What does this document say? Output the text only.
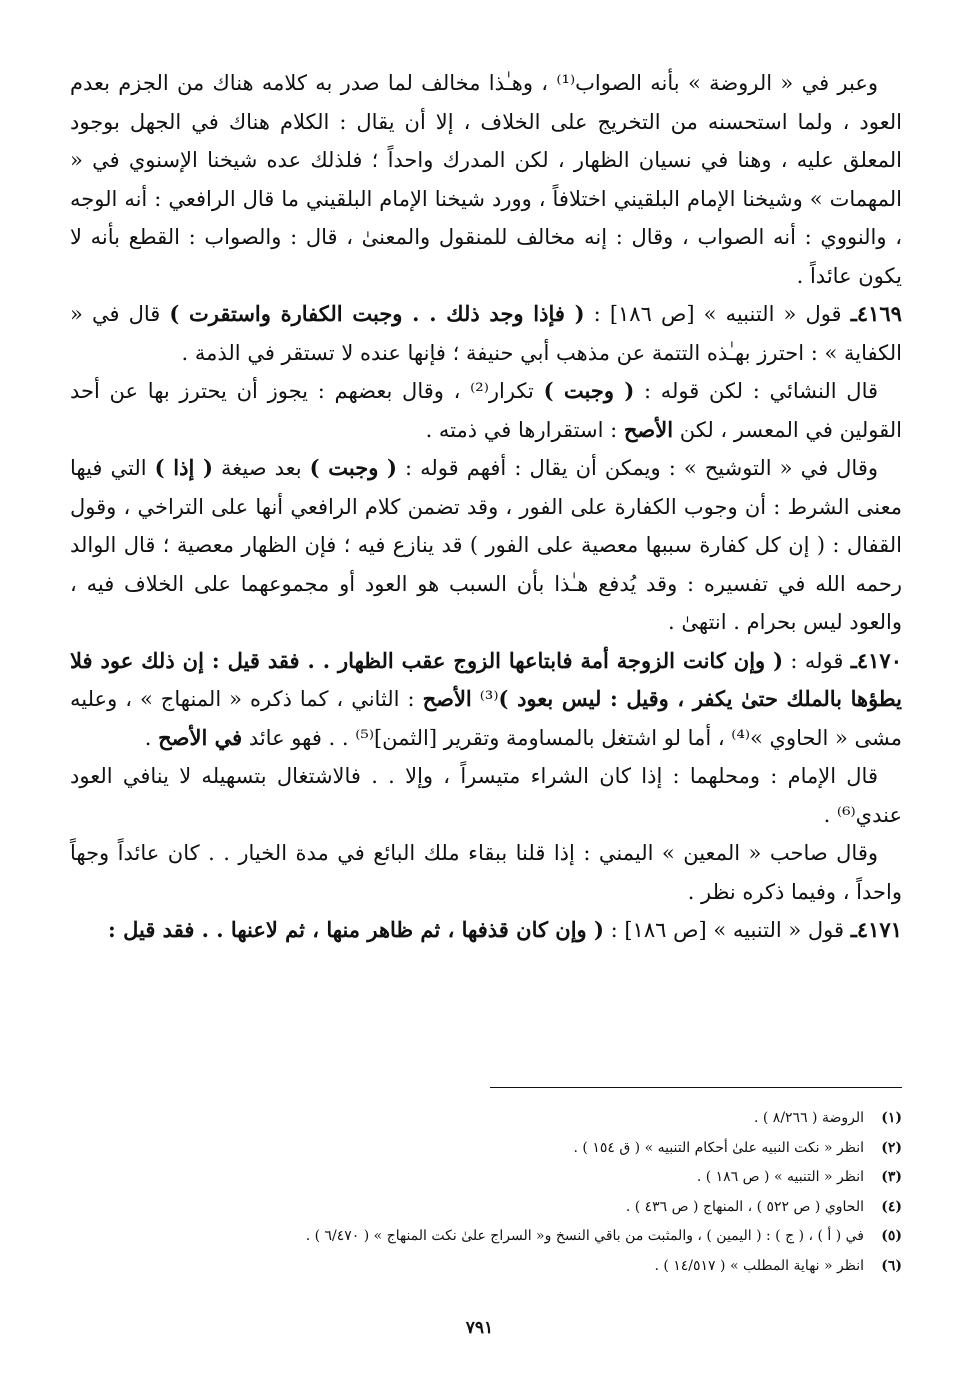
وعبر في « الروضة » بأنه الصواب⁽¹⁾ ، وهـٰذا مخالف لما صدر به كلامه هناك من الجزم بعدم العود ، ولما استحسنه من التخريج على الخلاف ، إلا أن يقال : الكلام هناك في الجهل بوجود المعلق عليه ، وهنا في نسيان الظهار ، لكن المدرك واحداً ؛ فلذلك عده شيخنا الإسنوي في « المهمات » وشيخنا الإمام البلقيني اختلافاً ، وورد شيخنا الإمام البلقيني ما قال الرافعي : أنه الوجه ، والنووي : أنه الصواب ، وقال : إنه مخالف للمنقول والمعنىٰ ، قال : والصواب : القطع بأنه لا يكون عائداً .

٤١٦٩ـ قول « التنبيه » [ص ١٨٦] : ( فإذا وجد ذلك . . وجبت الكفارة واستقرت ) قال في « الكفاية » : احترز بهـٰذه التتمة عن مذهب أبي حنيفة ؛ فإنها عنده لا تستقر في الذمة .

قال النشائي : لكن قوله : ( وجبت ) تكرار⁽²⁾ ، وقال بعضهم : يجوز أن يحترز بها عن أحد القولين في المعسر ، لكن الأصح : استقرارها في ذمته .

وقال في « التوشيح » : ويمكن أن يقال : أفهم قوله : ( وجبت ) بعد صيغة ( إذا ) التي فيها معنى الشرط : أن وجوب الكفارة على الفور ، وقد تضمن كلام الرافعي أنها على التراخي ، وقول القفال : ( إن كل كفارة سببها معصية على الفور ) قد ينازع فيه ؛ فإن الظهار معصية ؛ قال الوالد رحمه الله في تفسيره : وقد يُدفع هـٰذا بأن السبب هو العود أو مجموعهما على الخلاف فيه ، والعود ليس بحرام . انتهىٰ .

٤١٧٠ـ قوله : ( وإن كانت الزوجة أمة فابتاعها الزوج عقب الظهار . . فقد قيل : إن ذلك عود فلا يطؤها بالملك حتىٰ يكفر ، وقيل : ليس بعود )⁽³⁾ الأصح : الثاني ، كما ذكره « المنهاج » ، وعليه مشى « الحاوي »⁽⁴⁾ ، أما لو اشتغل بالمساومة وتقرير [الثمن]⁽⁵⁾ . . فهو عائد في الأصح .

قال الإمام : ومحلهما : إذا كان الشراء متيسراً ، وإلا . . فالاشتغال بتسهيله لا ينافي العود عندي⁽⁶⁾ .

وقال صاحب « المعين » اليمني : إذا قلنا ببقاء ملك البائع في مدة الخيار . . كان عائداً وجهاً واحداً ، وفيما ذكره نظر .

٤١٧١ـ قول « التنبيه » [ص ١٨٦] : ( وإن كان قذفها ، ثم ظاهر منها ، ثم لاعنها . . فقد قيل :

(١)الروضة ( ٨/٢٦٦ ) .

(٢)انظر « نكت النبيه علىٰ أحكام التنبيه » ( ق ١٥٤ ) .

(٣)انظر « التنبيه » ( ص ١٨٦ ) .

(٤)الحاوي ( ص ٥٢٢ ) ، المنهاج ( ص ٤٣٦ ) .

(٥)في ( أ ) ، ( ج ) : ( اليمين ) ، والمثبت من باقي النسخ و« السراج علىٰ نكت المنهاج » ( ٦/٤٧٠ ) .

(٦)انظر « نهاية المطلب » ( ١٤/٥١٧ ) .

٧٩١
